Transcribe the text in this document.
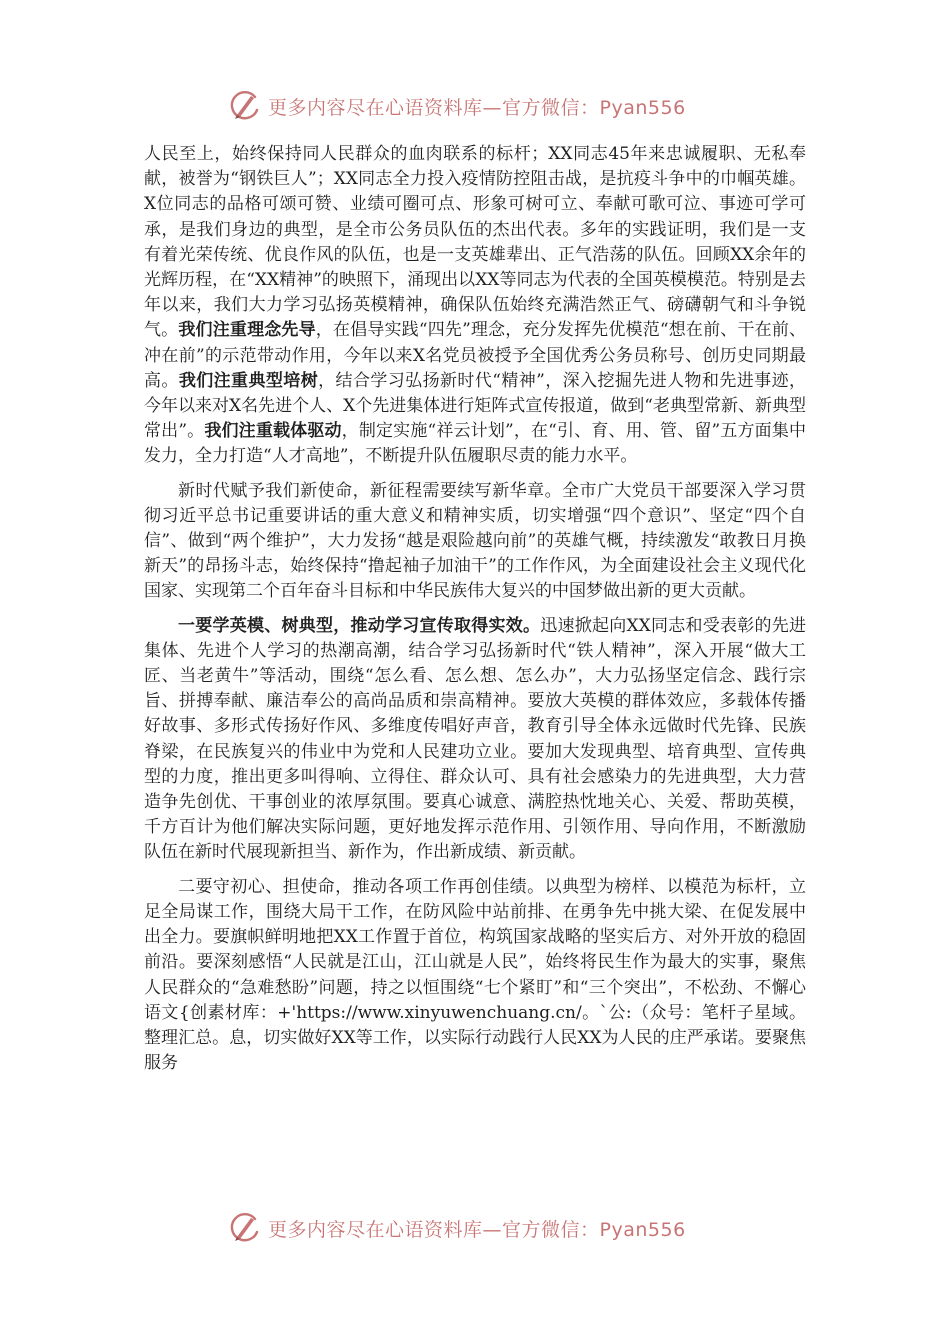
更多内容尽在心语资料库—官方微信：Pyan556

人民至上，始终保持同人民群众的血肉联系的标杆；XX同志45年来忠诚履职、无私奉献，被誉为“钢铁巨人”；XX同志全力投入疫情防控阻击战，是抗疫斗争中的巾帼英雄。X位同志的品格可颂可赞、业绩可圈可点、形象可树可立、奉献可歌可泣、事迹可学可承，是我们身边的典型，是全市公务员队伍的杰出代表。多年的实践证明，我们是一支有着光荣传统、优良作风的队伍，也是一支英雄辈出、正气浩荡的队伍。回顾XX余年的光辉历程，在“XX精神”的映照下，涌现出以XX等同志为代表的全国英模模范。特别是去年以来，我们大力学习弘扬英模精神，确保队伍始终充满浩然正气、磅礴朝气和斗争锐气。我们注重理念先导，在倡导实践“四先”理念，充分发挥先优模范“想在前、干在前、冲在前”的示范带动作用，今年以来X名党员被授予全国优秀公务员称号、创历史同期最高。我们注重典型培树，结合学习弘扬新时代“精神”，深入挖掘先进人物和先进事迹，今年以来对X名先进个人、X个先进集体进行矩阵式宣传报道，做到“老典型常新、新典型常出”。我们注重载体驱动，制定实施“祥云计划”，在“引、育、用、管、留”五方面集中发力，全力打造“人才高地”，不断提升队伍履职尽责的能力水平。

新时代赋予我们新使命，新征程需要续写新华章。全市广大党员干部要深入学习贯彻习近平总书记重要讲话的重大意义和精神实质，切实增强“四个意识”、坚定“四个自信”、做到“两个维护”，大力发扬“越是艰险越向前”的英雄气概，持续激发“敢教日月换新天”的昂扬斗志，始终保持“撸起袖子加油干”的工作作风，为全面建设社会主义现代化国家、实现第二个百年奋斗目标和中华民族伟大复兴的中国梦做出新的更大贡献。

一要学英模、树典型，推动学习宣传取得实效。迅速掀起向XX同志和受表彰的先进集体、先进个人学习的热潮高潮，结合学习弘扬新时代“铁人精神”，深入开展“做大工匠、当老黄牛”等活动，围绕“怎么看、怎么想、怎么办”，大力弘扬坚定信念、践行宗旨、拼搏奉献、廉洁奉公的高尚品质和崇高精神。要放大英模的群体效应，多载体传播好故事、多形式传扬好作风、多维度传唱好声音，教育引导全体永远做时代先锋、民族脊梁，在民族复兴的伟业中为党和人民建功立业。要加大发现典型、培育典型、宣传典型的力度，推出更多叫得响、立得住、群众认可、具有社会感染力的先进典型，大力营造争先创优、干事创业的浓厚氛围。要真心诚意、满腔热忱地关心、关爱、帮助英模，千方百计为他们解决实际问题，更好地发挥示范作用、引领作用、导向作用，不断激励队伍在新时代展现新担当、新作为，作出新成绩、新贡献。

二要守初心、担使命，推动各项工作再创佳绩。以典型为榜样、以模范为标杆，立足全局谋工作，围绕大局干工作，在防风险中站前排、在勇争先中挑大梁、在促发展中出全力。要旗帜鲜明地把XX工作置于首位，构筑国家战略的坚实后方、对外开放的稳固前沿。要深刻感悟“人民就是江山，江山就是人民”，始终将民生作为最大的实事，聚焦人民群众的“急难愁盼”问题，持之以恒围绕“七个紧盯”和“三个突出”，不松劲、不懈心语文{创素材库：+'https://www.xinyuwenchuang.cn/。`公:（众号：笔杆子星域。整理汇总。息，切实做好XX等工作，以实际行动践行人民XX为人民的庄严承诺。要聚焦服务

更多内容尽在心语资料库—官方微信：Pyan556
